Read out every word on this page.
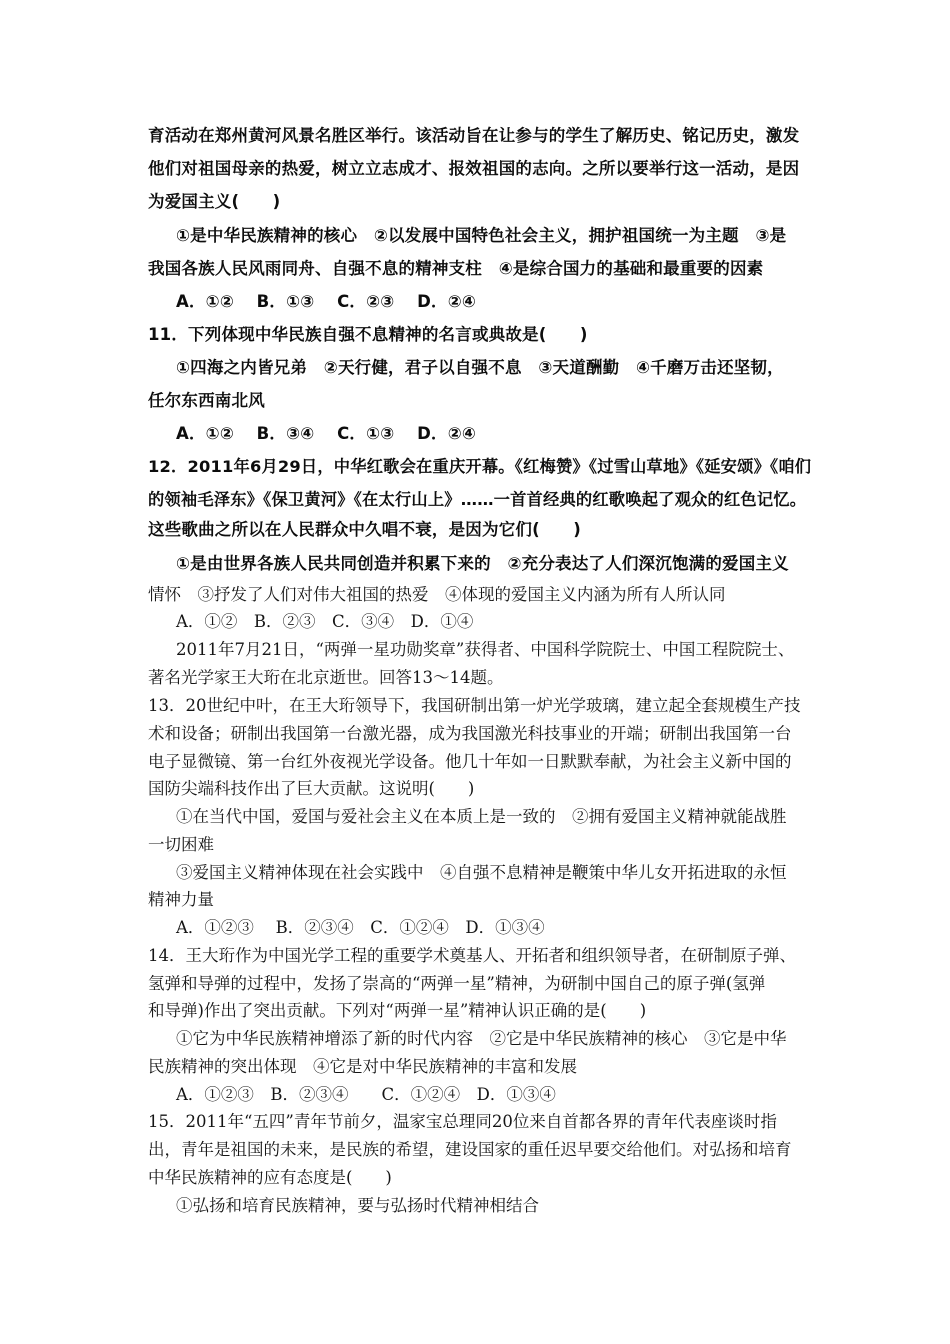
育活动在郑州黄河风景名胜区举行。该活动旨在让参与的学生了解历史、铭记历史，激发
他们对祖国母亲的热爱，树立立志成才、报效祖国的志向。之所以要举行这一活动，是因
为爱国主义(　　)
①是中华民族精神的核心　②以发展中国特色社会主义，拥护祖国统一为主题　③是
我国各族人民风雨同舟、自强不息的精神支柱　④是综合国力的基础和最重要的因素
A．①②　 B．①③　 C．②③　 D．②④
11．下列体现中华民族自强不息精神的名言或典故是(　　)
①四海之内皆兄弟　②天行健，君子以自强不息　③天道酬勤　④千磨万击还坚韧，
任尔东西南北风
A．①②　 B．③④　 C．①③　 D．②④
12．2011年6月29日，中华红歌会在重庆开幕。《红梅赞》《过雪山草地》《延安颂》《咱们
的领袖毛泽东》《保卫黄河》《在太行山上》……一首首经典的红歌唤起了观众的红色记忆。
这些歌曲之所以在人民群众中久唱不衰，是因为它们(　　)
①是由世界各族人民共同创造并积累下来的　②充分表达了人们深沉饱满的爱国主义
情怀　③抒发了人们对伟大祖国的热爱　④体现的爱国主义内涵为所有人所认同
A．①②　B．②③　C．③④　D．①④
2011年7月21日，“两弹一星功勋奖章”获得者、中国科学院院士、中国工程院院士、
著名光学家王大珩在北京逝世。回答13～14题。
13．20世纪中叶，在王大珩领导下，我国研制出第一炉光学玻璃，建立起全套规模生产技
术和设备；研制出我国第一台激光器，成为我国激光科技事业的开端；研制出我国第一台
电子显微镜、第一台红外夜视光学设备。他几十年如一日默默奉献，为社会主义新中国的
国防尖端科技作出了巨大贡献。这说明(　　)
①在当代中国，爱国与爱社会主义在本质上是一致的　②拥有爱国主义精神就能战胜
一切困难
③爱国主义精神体现在社会实践中　④自强不息精神是鞭策中华儿女开拓进取的永恒
精神力量
A．①②③　 B．②③④　C．①②④　D．①③④
14．王大珩作为中国光学工程的重要学术奠基人、开拓者和组织领导者，在研制原子弹、
氢弹和导弹的过程中，发扬了崇高的“两弹一星”精神，为研制中国自己的原子弹(氢弹
和导弹)作出了突出贡献。下列对“两弹一星”精神认识正确的是(　　)
①它为中华民族精神增添了新的时代内容　②它是中华民族精神的核心　③它是中华
民族精神的突出体现　④它是对中华民族精神的丰富和发展
A．①②③　B．②③④　　C．①②④　D．①③④
15．2011年“五四”青年节前夕，温家宝总理同20位来自首都各界的青年代表座谈时指
出，青年是祖国的未来，是民族的希望，建设国家的重任迟早要交给他们。对弘扬和培育
中华民族精神的应有态度是(　　)
①弘扬和培育民族精神，要与弘扬时代精神相结合
